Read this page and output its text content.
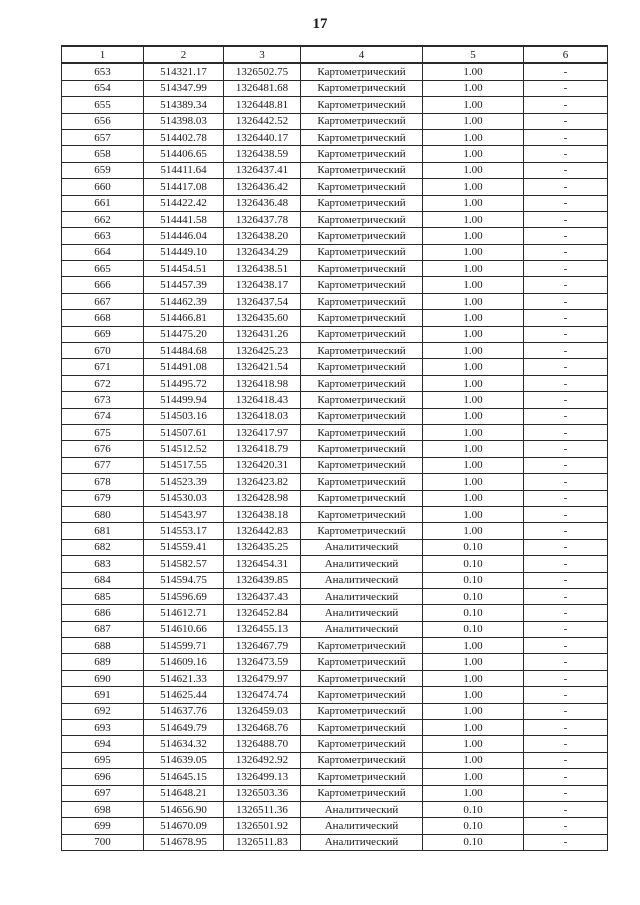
17
1	2	3	4	5	6
653	514321.17	1326502.75	Картометрический	1.00	-
654	514347.99	1326481.68	Картометрический	1.00	-
655	514389.34	1326448.81	Картометрический	1.00	-
656	514398.03	1326442.52	Картометрический	1.00	-
657	514402.78	1326440.17	Картометрический	1.00	-
658	514406.65	1326438.59	Картометрический	1.00	-
659	514411.64	1326437.41	Картометрический	1.00	-
660	514417.08	1326436.42	Картометрический	1.00	-
661	514422.42	1326436.48	Картометрический	1.00	-
662	514441.58	1326437.78	Картометрический	1.00	-
663	514446.04	1326438.20	Картометрический	1.00	-
664	514449.10	1326434.29	Картометрический	1.00	-
665	514454.51	1326438.51	Картометрический	1.00	-
666	514457.39	1326438.17	Картометрический	1.00	-
667	514462.39	1326437.54	Картометрический	1.00	-
668	514466.81	1326435.60	Картометрический	1.00	-
669	514475.20	1326431.26	Картометрический	1.00	-
670	514484.68	1326425.23	Картометрический	1.00	-
671	514491.08	1326421.54	Картометрический	1.00	-
672	514495.72	1326418.98	Картометрический	1.00	-
673	514499.94	1326418.43	Картометрический	1.00	-
674	514503.16	1326418.03	Картометрический	1.00	-
675	514507.61	1326417.97	Картометрический	1.00	-
676	514512.52	1326418.79	Картометрический	1.00	-
677	514517.55	1326420.31	Картометрический	1.00	-
678	514523.39	1326423.82	Картометрический	1.00	-
679	514530.03	1326428.98	Картометрический	1.00	-
680	514543.97	1326438.18	Картометрический	1.00	-
681	514553.17	1326442.83	Картометрический	1.00	-
682	514559.41	1326435.25	Аналитический	0.10	-
683	514582.57	1326454.31	Аналитический	0.10	-
684	514594.75	1326439.85	Аналитический	0.10	-
685	514596.69	1326437.43	Аналитический	0.10	-
686	514612.71	1326452.84	Аналитический	0.10	-
687	514610.66	1326455.13	Аналитический	0.10	-
688	514599.71	1326467.79	Картометрический	1.00	-
689	514609.16	1326473.59	Картометрический	1.00	-
690	514621.33	1326479.97	Картометрический	1.00	-
691	514625.44	1326474.74	Картометрический	1.00	-
692	514637.76	1326459.03	Картометрический	1.00	-
693	514649.79	1326468.76	Картометрический	1.00	-
694	514634.32	1326488.70	Картометрический	1.00	-
695	514639.05	1326492.92	Картометрический	1.00	-
696	514645.15	1326499.13	Картометрический	1.00	-
697	514648.21	1326503.36	Картометрический	1.00	-
698	514656.90	1326511.36	Аналитический	0.10	-
699	514670.09	1326501.92	Аналитический	0.10	-
700	514678.95	1326511.83	Аналитический	0.10	-
